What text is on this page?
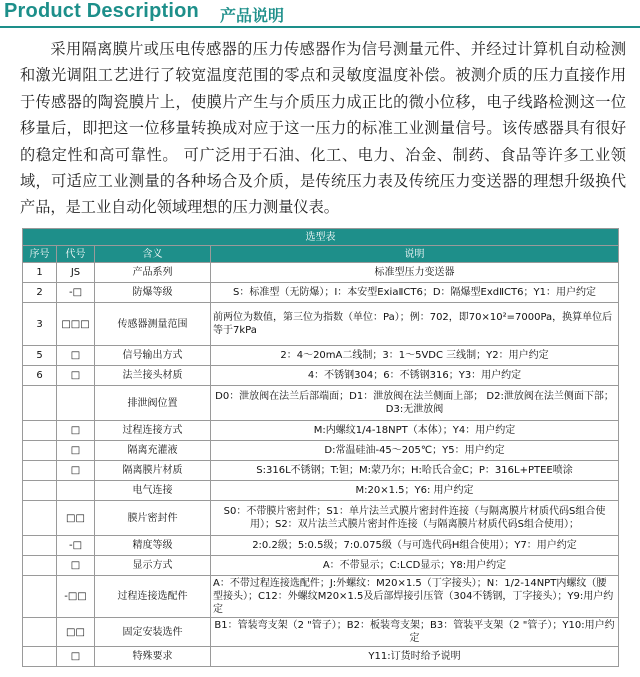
Product Description 产品说明

采用隔离膜片或压电传感器的压力传感器作为信号测量元件、并经过计算机自动检测和激光调阻工艺进行了较宽温度范围的零点和灵敏度温度补偿。被测介质的压力直接作用于传感器的陶瓷膜片上，使膜片产生与介质压力成正比的微小位移，电子线路检测这一位移量后，即把这一位移量转换成对应于这一压力的标准工业测量信号。该传感器具有很好的稳定性和高可靠性。 可广泛用于石油、化工、电力、冶金、制药、食品等许多工业领域，可适应工业测量的各种场合及介质，是传统压力表及传统压力变送器的理想升级换代产品，是工业自动化领域理想的压力测量仪表。

选型表			
序号	代号	含义	说明
1	JS	产品系列	标准型压力变送器
2	-□	防爆等级	S：标准型（无防爆）；I：本安型ExiaⅡCT6；D：隔爆型ExdⅡCT6；Y1：用户约定
3	□□□	传感器测量范围	前两位为数值，第三位为指数（单位：Pa）；例：702，即70×10²=7000Pa，换算单位后等于7kPa
5	□	信号输出方式	2：4～20mA二线制；3：1～5VDC 三线制；Y2：用户约定
6	□	法兰接头材质	4：不锈钢304；6：不锈钢316；Y3：用户约定
		排泄阀位置	D0：泄放阀在法兰后部端面；D1：泄放阀在法兰侧面上部； D2:泄放阀在法兰侧面下部；D3:无泄放阀
	□	过程连接方式	M:内螺纹1/4-18NPT（本体）；Y4：用户约定
	□	隔离充灌液	D:常温硅油-45～205℃；Y5：用户约定
	□	隔离膜片材质	S:316L不锈钢；T:钽；M:蒙乃尔；H:哈氏合金C；P：316L+PTEE喷涂
		电气连接	M:20×1.5；Y6: 用户约定
	□□	膜片密封件	S0：不带膜片密封件；S1：单片法兰式膜片密封件连接（与隔离膜片材质代码S组合使用）；S2：双片法兰式膜片密封件连接（与隔离膜片材质代码S组合使用）；
	-□	精度等级	2:0.2级；5:0.5级；7:0.075级（与可选代码H组合使用）；Y7：用户约定
	□	显示方式	A：不带显示；C:LCD显示；Y8:用户约定
	-□□	过程连接选配件	A：不带过程连接选配件；J:外螺纹：M20×1.5（丁字接头）；N：1/2-14NPT内螺纹（腰型接头）；C12：外螺纹M20×1.5及后部焊接引压管（304不锈钢，丁字接头）；Y9:用户约定
	□□	固定安装选件	B1：管装弯支架（2 "管子）；B2：板装弯支架；B3：管装平支架（2 "管子）；Y10:用户约定
	□	特殊要求	Y11:订货时给予说明
